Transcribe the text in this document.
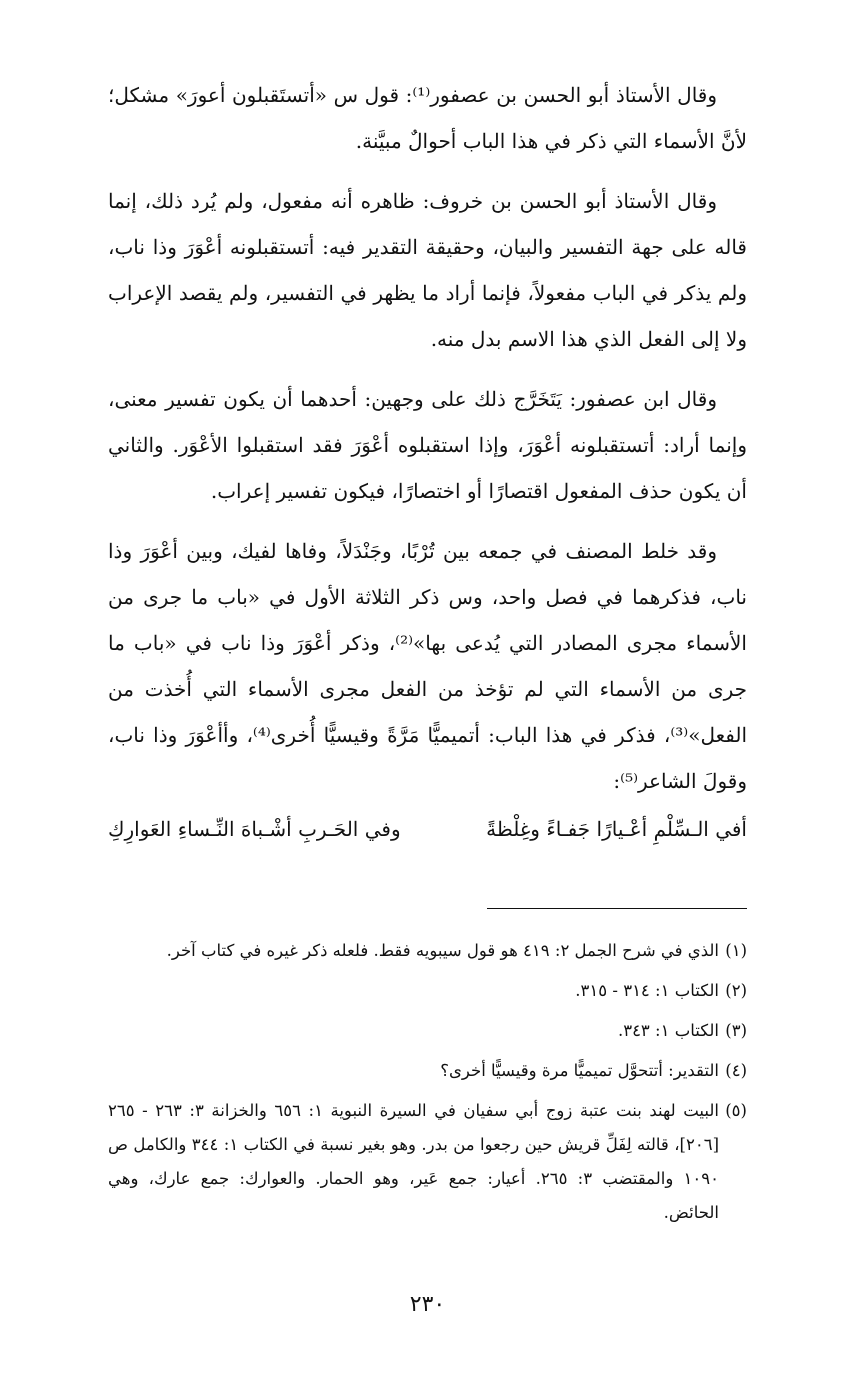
وقال الأستاذ أبو الحسن بن عصفور⁽¹⁾: قول س «أتستَقبلون أعورَ» مشكل؛ لأنَّ الأسماء التي ذكر في هذا الباب أحوالٌ مبيَّنة.

وقال الأستاذ أبو الحسن بن خروف: ظاهره أنه مفعول، ولم يُرد ذلك، إنما قاله على جهة التفسير والبيان، وحقيقة التقدير فيه: أتستقبلونه أعْوَرَ وذا ناب، ولم يذكر في الباب مفعولاً، فإنما أراد ما يظهر في التفسير، ولم يقصد الإعراب ولا إلى الفعل الذي هذا الاسم بدل منه.

وقال ابن عصفور: يَتَخَرَّج ذلك على وجهين: أحدهما أن يكون تفسير معنى، وإنما أراد: أتستقبلونه أعْوَرَ، وإذا استقبلوه أعْوَرَ فقد استقبلوا الأعْوَر. والثاني أن يكون حذف المفعول اقتصارًا أو اختصارًا، فيكون تفسير إعراب.

وقد خلط المصنف في جمعه بين تُرْبًا، وجَنْدَلاً، وفاها لفيك، وبين أعْوَرَ وذا ناب، فذكرهما في فصل واحد، وس ذكر الثلاثة الأول في «باب ما جرى من الأسماء مجرى المصادر التي يُدعى بها»⁽²⁾، وذكر أعْوَرَ وذا ناب في «باب ما جرى من الأسماء التي لم تؤخذ من الفعل مجرى الأسماء التي أُخذت من الفعل»⁽³⁾، فذكر في هذا الباب: أتميميًّا مَرَّةً وقيسيًّا أُخرى⁽⁴⁾، وأأعْوَرَ وذا ناب، وقولَ الشاعر⁽⁵⁾:

أفي الـسِّلْمِ أعْـيارًا جَفـاءً وغِلْظةً
وفي الحَـربِ أشْـباهَ النِّـساءِ العَوارِكِ
(١)الذي في شرح الجمل ٢: ٤١٩ هو قول سيبويه فقط. فلعله ذكر غيره في كتاب آخر.
(٢)الكتاب ١: ٣١٤ - ٣١٥.
(٣)الكتاب ١: ٣٤٣.
(٤)التقدير: أتتحوَّل تميميًّا مرة وقيسيًّا أخرى؟
(٥)البيت لهند بنت عتبة زوج أبي سفيان في السيرة النبوية ١: ٦٥٦ والخزانة ٣: ٢٦٣ - ٢٦٥ [٢٠٦]، قالته لِفَلِّ قريش حين رجعوا من بدر. وهو بغير نسبة في الكتاب ١: ٣٤٤ والكامل ص ١٠٩٠ والمقتضب ٣: ٢٦٥. أعيار: جمع عَير، وهو الحمار. والعوارك: جمع عارك، وهي الحائض.
٢٣٠
